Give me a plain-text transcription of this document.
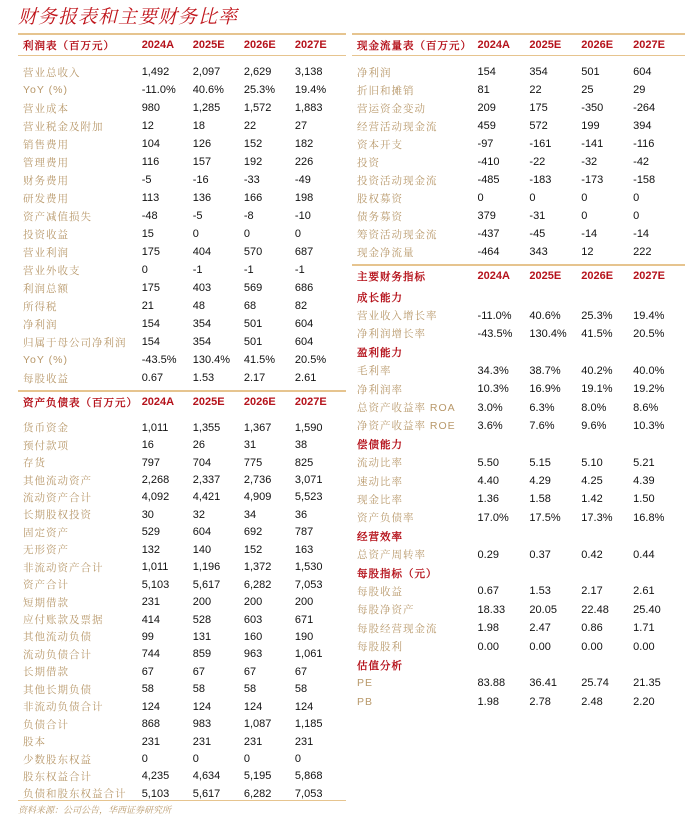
财务报表和主要财务比率
利润表（百万元）	2024A	2025E	2026E	2027E
营业总收入	1,492	2,097	2,629	3,138
YoY (%)	-11.0%	40.6%	25.3%	19.4%
营业成本	980	1,285	1,572	1,883
营业税金及附加	12	18	22	27
销售费用	104	126	152	182
管理费用	116	157	192	226
财务费用	-5	-16	-33	-49
研发费用	113	136	166	198
资产减值损失	-48	-5	-8	-10
投资收益	15	0	0	0
营业利润	175	404	570	687
营业外收支	0	-1	-1	-1
利润总额	175	403	569	686
所得税	21	48	68	82
净利润	154	354	501	604
归属于母公司净利润	154	354	501	604
YoY (%)	-43.5%	130.4%	41.5%	20.5%
每股收益	0.67	1.53	2.17	2.61
资产负债表（百万元） 2024A	2025E	2026E	2027E
货币资金	1,011	1,355	1,367	1,590
预付款项	16	26	31	38
存货	797	704	775	825
其他流动资产	2,268	2,337	2,736	3,071
流动资产合计	4,092	4,421	4,909	5,523
长期股权投资	30	32	34	36
固定资产	529	604	692	787
无形资产	132	140	152	163
非流动资产合计	1,011	1,196	1,372	1,530
资产合计	5,103	5,617	6,282	7,053
短期借款	231	200	200	200
应付账款及票据	414	528	603	671
其他流动负债	99	131	160	190
流动负债合计	744	859	963	1,061
长期借款	67	67	67	67
其他长期负债	58	58	58	58
非流动负债合计	124	124	124	124
负债合计	868	983	1,087	1,185
股本	231	231	231	231
少数股东权益	0	0	0	0
股东权益合计	4,235	4,634	5,195	5,868
负债和股东权益合计	5,103	5,617	6,282	7,053
现金流量表（百万元） 2024A	2025E	2026E	2027E
净利润	154	354	501	604
折旧和摊销	81	22	25	29
营运资金变动	209	175	-350	-264
经营活动现金流	459	572	199	394
资本开支	-97	-161	-141	-116
投资	-410	-22	-32	-42
投资活动现金流	-485	-183	-173	-158
股权募资	0	0	0	0
债务募资	379	-31	0	0
筹资活动现金流	-437	-45	-14	-14
现金净流量	-464	343	12	222
主要财务指标	2024A	2025E	2026E	2027E
成长能力
营业收入增长率	-11.0%	40.6%	25.3%	19.4%
净利润增长率	-43.5%	130.4%	41.5%	20.5%
盈利能力
毛利率	34.3%	38.7%	40.2%	40.0%
净利润率	10.3%	16.9%	19.1%	19.2%
总资产收益率 ROA	3.0%	6.3%	8.0%	8.6%
净资产收益率 ROE	3.6%	7.6%	9.6%	10.3%
偿债能力
流动比率	5.50	5.15	5.10	5.21
速动比率	4.40	4.29	4.25	4.39
现金比率	1.36	1.58	1.42	1.50
资产负债率	17.0%	17.5%	17.3%	16.8%
经营效率
总资产周转率	0.29	0.37	0.42	0.44
每股指标（元）
每股收益	0.67	1.53	2.17	2.61
每股净资产	18.33	20.05	22.48	25.40
每股经营现金流	1.98	2.47	0.86	1.71
每股股利	0.00	0.00	0.00	0.00
估值分析
PE	83.88	36.41	25.74	21.35
PB	1.98	2.78	2.48	2.20
资料来源：公司公告，华西证券研究所
